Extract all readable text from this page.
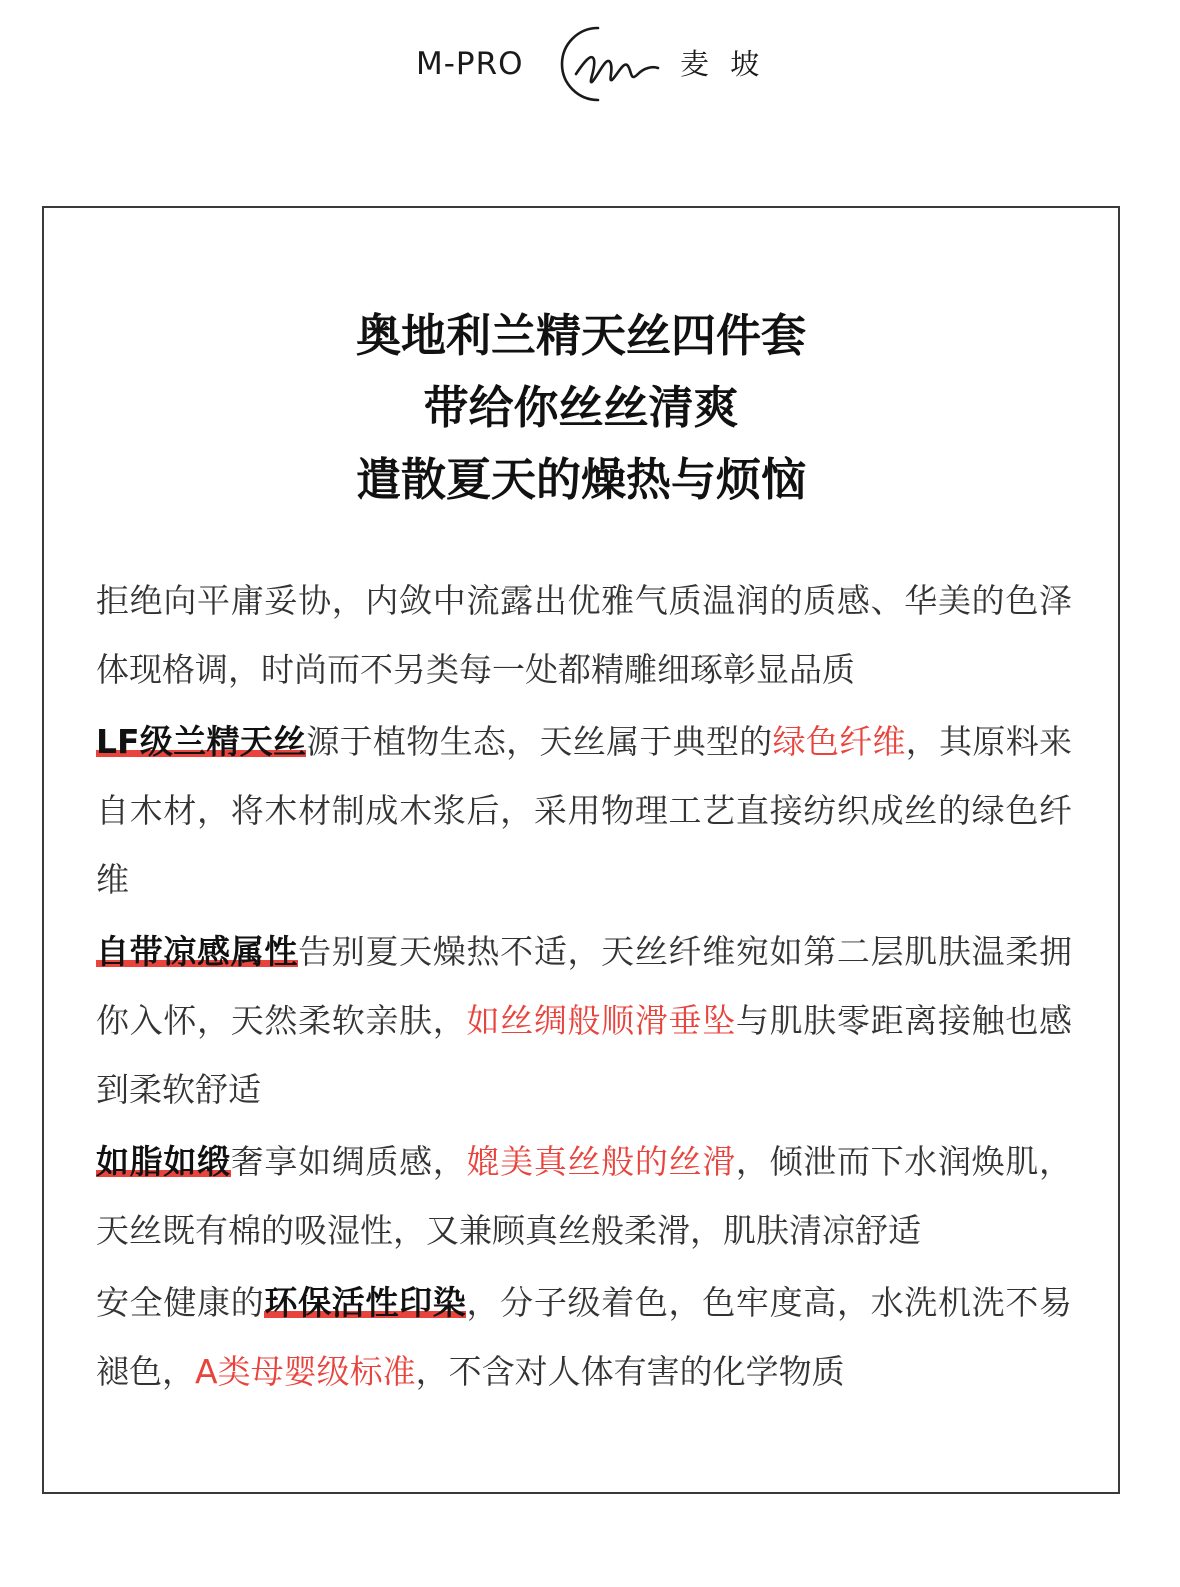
M-PRO	麦 坡
奥地利兰精天丝四件套
带给你丝丝清爽
遣散夏天的燥热与烦恼

拒绝向平庸妥协，内敛中流露出优雅气质温润的质感、华美的色泽体现格调，时尚而不另类每一处都精雕细琢彰显品质

LF级兰精天丝源于植物生态，天丝属于典型的绿色纤维，其原料来自木材，将木材制成木浆后，采用物理工艺直接纺织成丝的绿色纤维

自带凉感属性告别夏天燥热不适，天丝纤维宛如第二层肌肤温柔拥你入怀，天然柔软亲肤，如丝绸般顺滑垂坠与肌肤零距离接触也感到柔软舒适

如脂如缎奢享如绸质感，媲美真丝般的丝滑，倾泄而下水润焕肌，天丝既有棉的吸湿性，又兼顾真丝般柔滑，肌肤清凉舒适

安全健康的环保活性印染，分子级着色，色牢度高，水洗机洗不易褪色，A类母婴级标准，不含对人体有害的化学物质
